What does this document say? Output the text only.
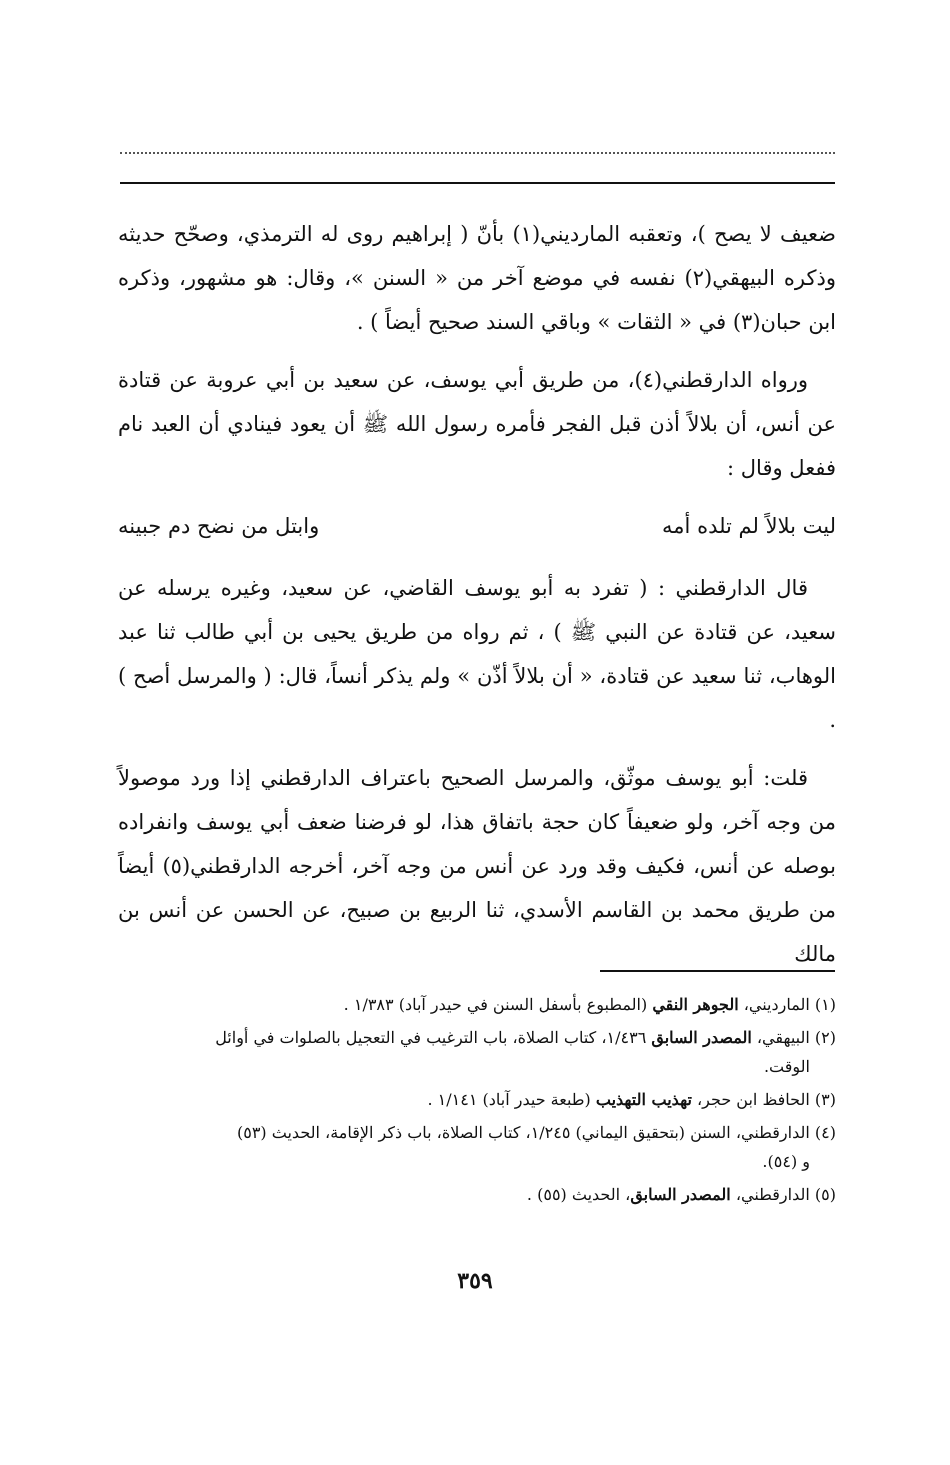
ضعيف لا يصح )، وتعقبه المارديني(١) بأنّ ( إبراهيم روى له الترمذي، وصحّح حديثه وذكره البيهقي(٢) نفسه في موضع آخر من « السنن »، وقال: هو مشهور، وذكره ابن حبان(٣) في « الثقات » وباقي السند صحيح أيضاً ) .

ورواه الدارقطني(٤)، من طريق أبي يوسف، عن سعيد بن أبي عروبة عن قتادة عن أنس، أن بلالاً أذن قبل الفجر فأمره رسول الله ﷺ أن يعود فينادي أن العبد نام ففعل وقال :

ليت بلالاً لم تلده أمه
وابتل من نضح دم جبينه

قال الدارقطني : ( تفرد به أبو يوسف القاضي، عن سعيد، وغيره يرسله عن سعيد، عن قتادة عن النبي ﷺ ) ، ثم رواه من طريق يحيى بن أبي طالب ثنا عبد الوهاب، ثنا سعيد عن قتادة، « أن بلالاً أذّن » ولم يذكر أنساً، قال: ( والمرسل أصح ) .

قلت: أبو يوسف موثّق، والمرسل الصحيح باعتراف الدارقطني إذا ورد موصولاً من وجه آخر، ولو ضعيفاً كان حجة باتفاق هذا، لو فرضنا ضعف أبي يوسف وانفراده بوصله عن أنس، فكيف وقد ورد عن أنس من وجه آخر، أخرجه الدارقطني(٥) أيضاً من طريق محمد بن القاسم الأسدي، ثنا الربيع بن صبيح، عن الحسن عن أنس بن مالك

(١) المارديني، الجوهر النقي (المطبوع بأسفل السنن في حيدر آباد) ١/٣٨٣ .

(٢) البيهقي، المصدر السابق ١/٤٣٦، كتاب الصلاة، باب الترغيب في التعجيل بالصلوات في أوائل
الوقت.

(٣) الحافظ ابن حجر، تهذيب التهذيب (طبعة حيدر آباد) ١/١٤١ .

(٤) الدارقطني، السنن (بتحقيق اليماني) ١/٢٤٥، كتاب الصلاة، باب ذكر الإقامة، الحديث (٥٣)
و (٥٤).

(٥) الدارقطني، المصدر السابق، الحديث (٥٥) .

٣٥٩
